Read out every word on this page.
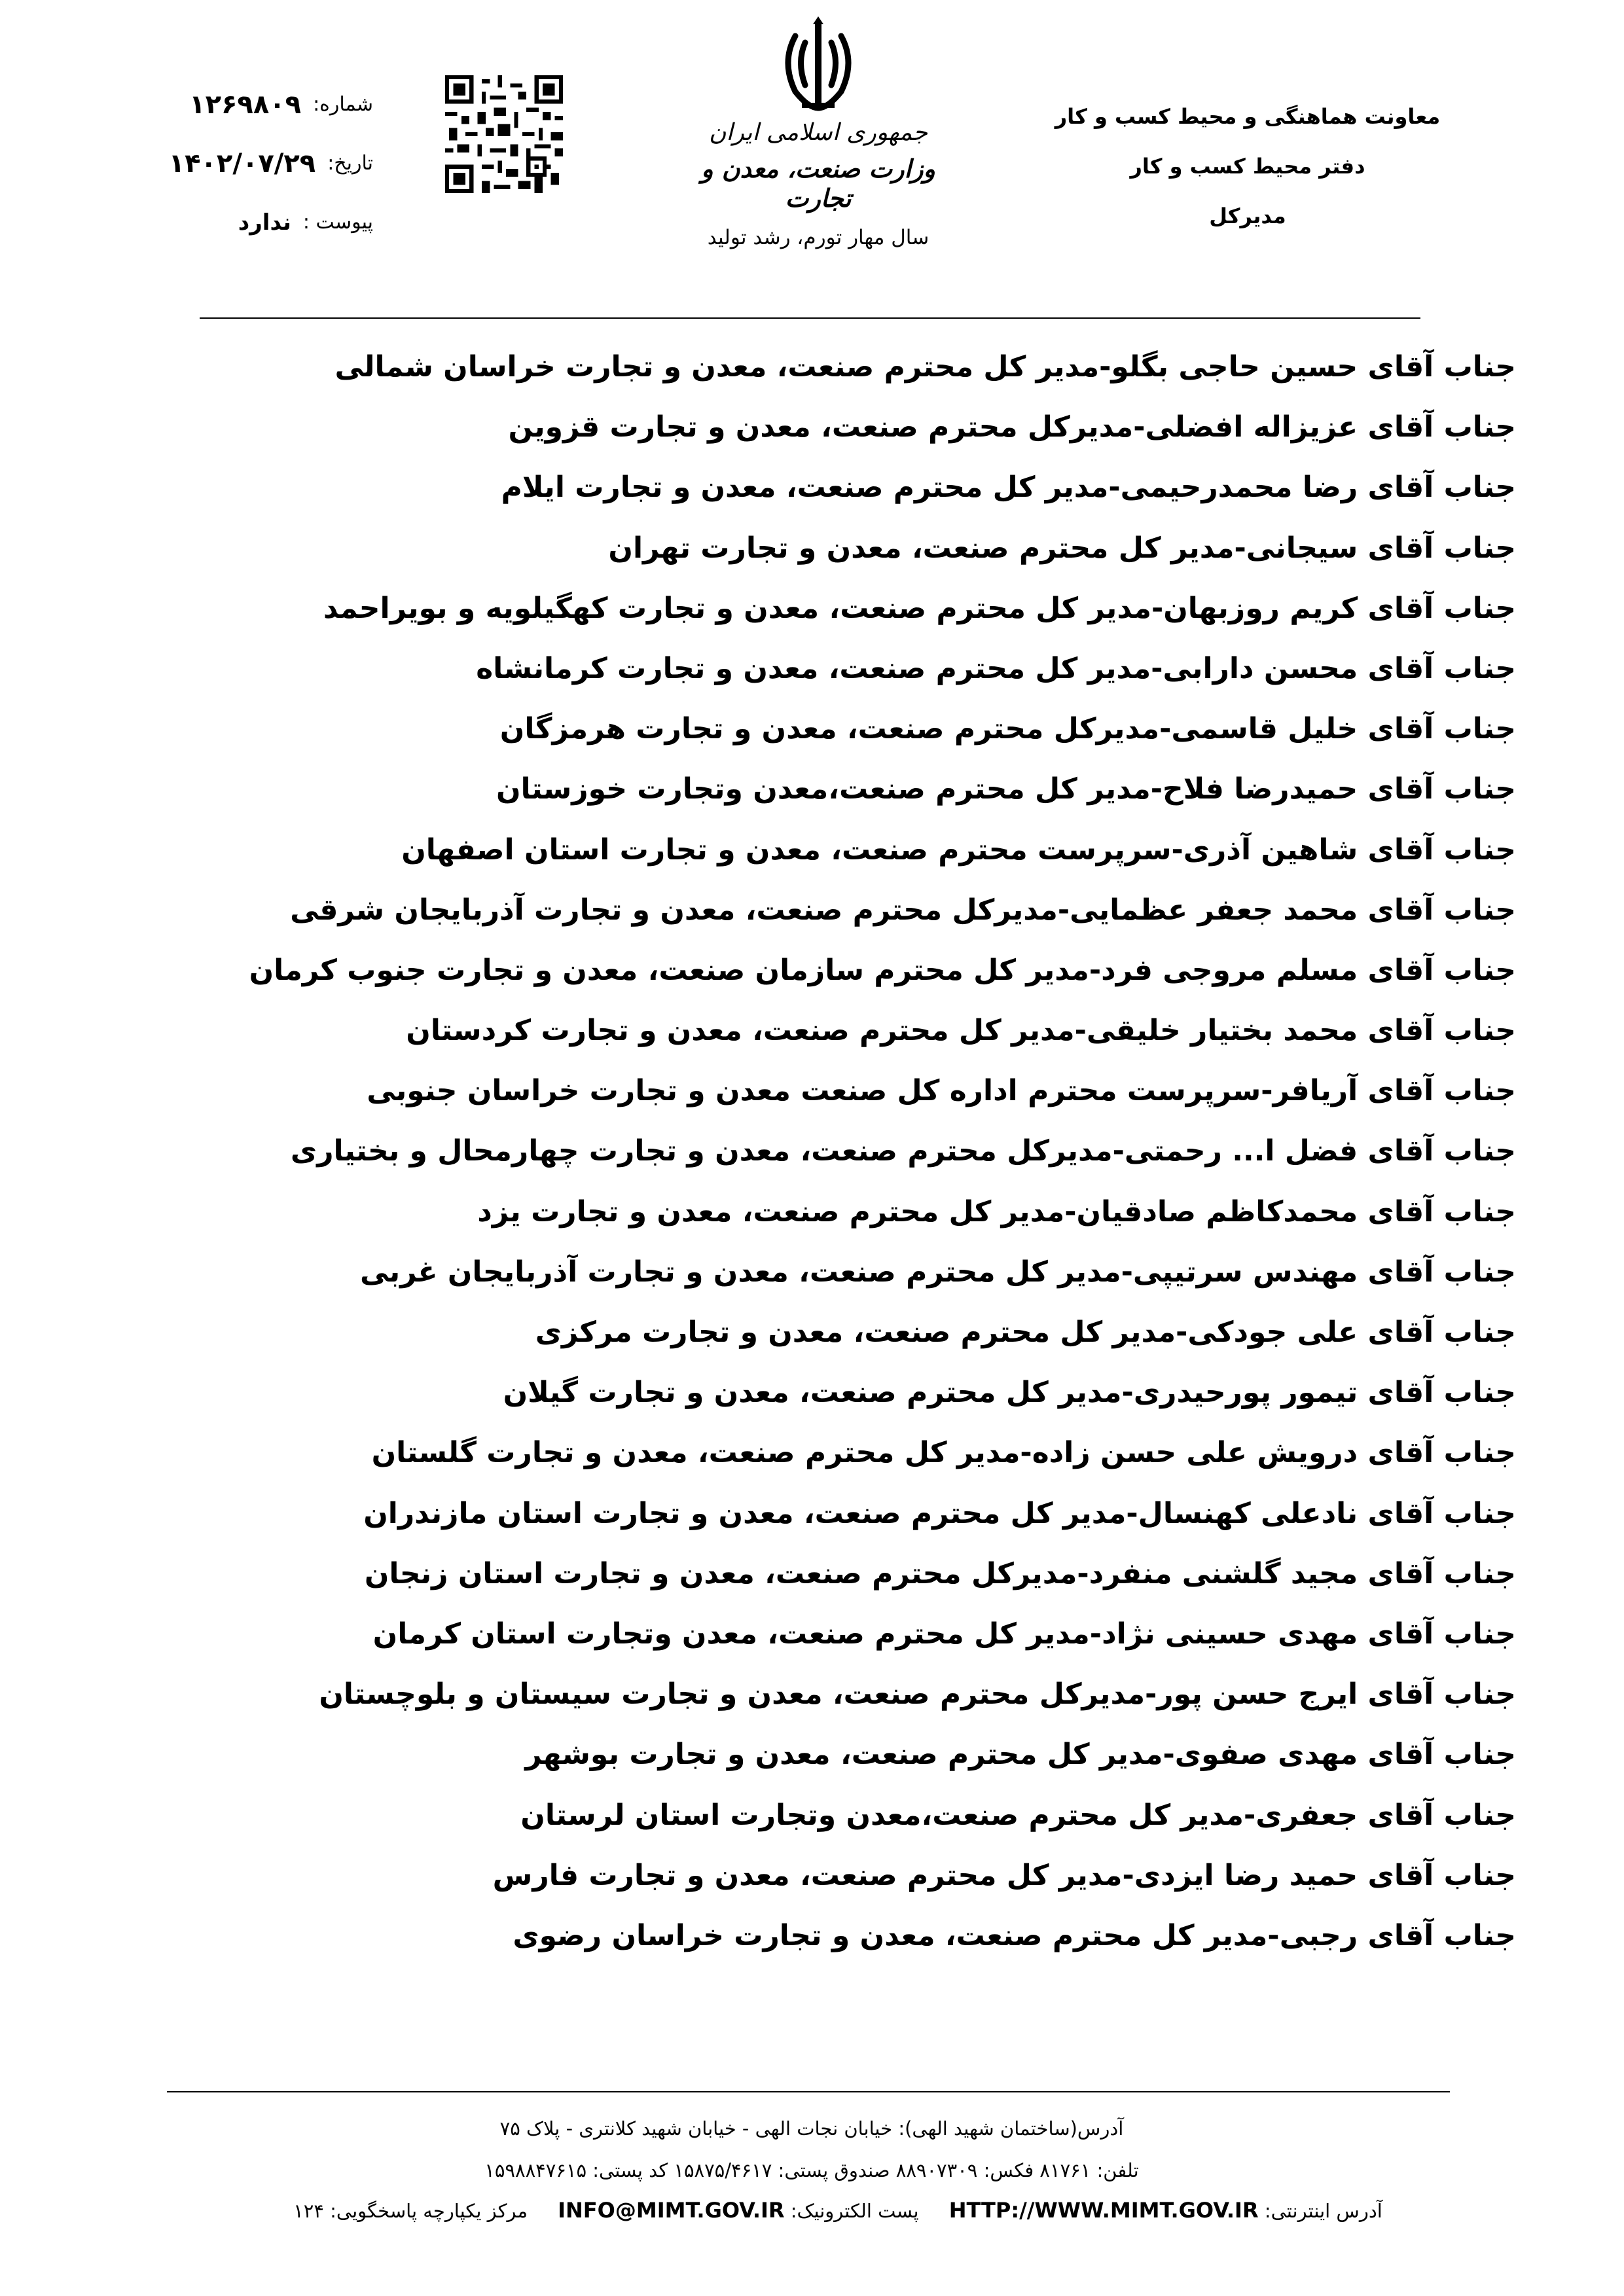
معاونت هماهنگی و محیط کسب و کار
دفتر محیط کسب و کار
مدیرکل
جمهوری اسلامی ایران
وزارت صنعت، معدن و تجارت
سال مهار تورم، رشد تولید
شماره:
۱۲۶۹۸۰۹
تاریخ:
۱۴۰۲/۰۷/۲۹
پیوست :
ندارد
جناب آقای حسین حاجی بگلو-مدیر کل محترم صنعت، معدن و تجارت خراسان شمالی
جناب آقای عزیزاله افضلی-مدیرکل محترم صنعت، معدن و تجارت قزوین
جناب آقای رضا محمدرحیمی-مدیر کل محترم صنعت، معدن و تجارت ایلام
جناب آقای سیجانی-مدیر کل محترم صنعت، معدن و تجارت تهران
جناب آقای کریم روزبهان-مدیر کل محترم صنعت، معدن و تجارت کهگیلویه و بویراحمد
جناب آقای محسن دارابی-مدیر کل محترم صنعت، معدن و تجارت کرمانشاه
جناب آقای خلیل قاسمی-مدیرکل محترم صنعت، معدن و تجارت هرمزگان
جناب آقای حمیدرضا فلاح-مدیر کل محترم صنعت،معدن وتجارت خوزستان
جناب آقای شاهین آذری-سرپرست محترم صنعت، معدن و تجارت استان اصفهان
جناب آقای محمد جعفر عظمایی-مدیرکل محترم صنعت، معدن و تجارت آذربایجان شرقی
جناب آقای مسلم مروجی فرد-مدیر کل محترم سازمان صنعت، معدن و تجارت جنوب کرمان
جناب آقای محمد بختیار خلیقی-مدیر کل محترم صنعت، معدن و تجارت کردستان
جناب آقای آریافر-سرپرست محترم اداره کل صنعت معدن و تجارت خراسان جنوبی
جناب آقای فضل ا... رحمتی-مدیرکل محترم صنعت، معدن و تجارت چهارمحال و بختیاری
جناب آقای محمدکاظم صادقیان-مدیر کل محترم صنعت، معدن و تجارت یزد
جناب آقای مهندس سرتیپی-مدیر کل محترم صنعت، معدن و تجارت آذربایجان غربی
جناب آقای علی جودکی-مدیر کل محترم صنعت، معدن و تجارت مرکزی
جناب آقای تیمور پورحیدری-مدیر کل محترم صنعت، معدن و تجارت گیلان
جناب آقای درویش علی حسن زاده-مدیر کل محترم صنعت، معدن و تجارت گلستان
جناب آقای نادعلی کهنسال-مدیر کل محترم صنعت، معدن و تجارت استان مازندران
جناب آقای مجید گلشنی منفرد-مدیرکل محترم صنعت، معدن و تجارت استان زنجان
جناب آقای مهدی حسینی نژاد-مدیر کل محترم صنعت، معدن وتجارت استان کرمان
جناب آقای ایرج حسن پور-مدیرکل محترم صنعت، معدن و تجارت سیستان و بلوچستان
جناب آقای مهدی صفوی-مدیر کل محترم صنعت، معدن و تجارت بوشهر
جناب آقای جعفری-مدیر کل محترم صنعت،معدن وتجارت استان لرستان
جناب آقای حمید رضا ایزدی-مدیر کل محترم صنعت، معدن و تجارت فارس
جناب آقای رجبی-مدیر کل محترم صنعت، معدن و تجارت خراسان رضوی
آدرس(ساختمان شهید الهی): خیابان نجات الهی - خیابان شهید کلانتری - پلاک ۷۵
تلفن: ۸۱۷۶۱ فکس: ۸۸۹۰۷۳۰۹ صندوق پستی: ۱۵۸۷۵/۴۶۱۷ کد پستی: ۱۵۹۸۸۴۷۶۱۵
آدرس اینترنتی: HTTP://WWW.MIMT.GOV.IR     پست الکترونیک: INFO@MIMT.GOV.IR     مرکز یکپارچه پاسخگویی: ۱۲۴
